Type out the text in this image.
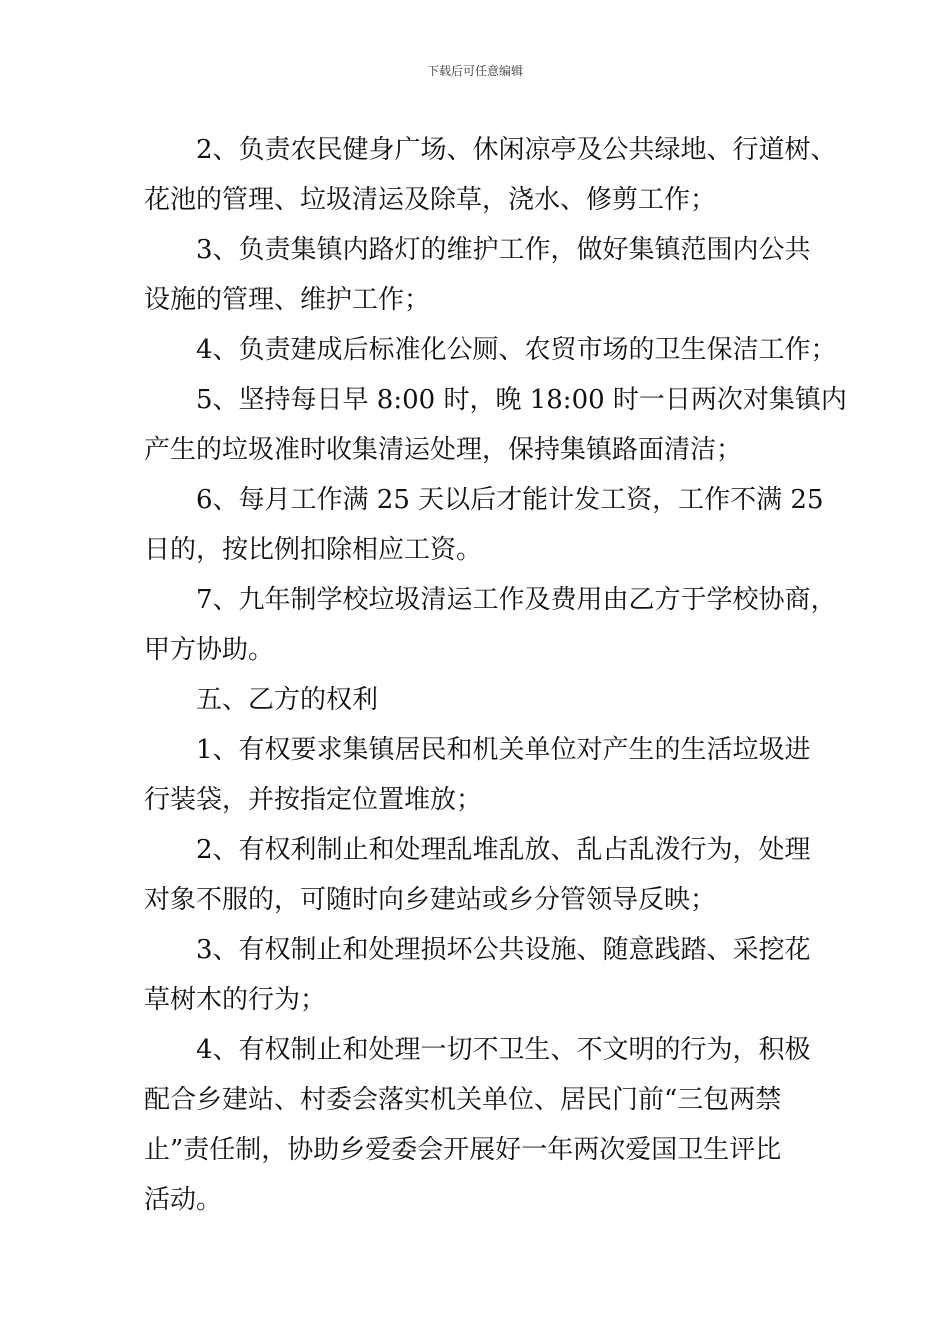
下载后可任意编辑

2、负责农民健身广场、休闲凉亭及公共绿地、行道树、
花池的管理、垃圾清运及除草，浇水、修剪工作；

3、负责集镇内路灯的维护工作，做好集镇范围内公共
设施的管理、维护工作；

4、负责建成后标准化公厕、农贸市场的卫生保洁工作；

5、坚持每日早 8:00 时，晚 18:00 时一日两次对集镇内
产生的垃圾准时收集清运处理，保持集镇路面清洁；

6、每月工作满 25 天以后才能计发工资，工作不满 25
日的，按比例扣除相应工资。

7、九年制学校垃圾清运工作及费用由乙方于学校协商，
甲方协助。

五、乙方的权利

1、有权要求集镇居民和机关单位对产生的生活垃圾进
行装袋，并按指定位置堆放；

2、有权利制止和处理乱堆乱放、乱占乱泼行为，处理
对象不服的，可随时向乡建站或乡分管领导反映；

3、有权制止和处理损坏公共设施、随意践踏、采挖花
草树木的行为；

4、有权制止和处理一切不卫生、不文明的行为，积极
配合乡建站、村委会落实机关单位、居民门前“三包两禁
止”责任制，协助乡爱委会开展好一年两次爱国卫生评比
活动。
